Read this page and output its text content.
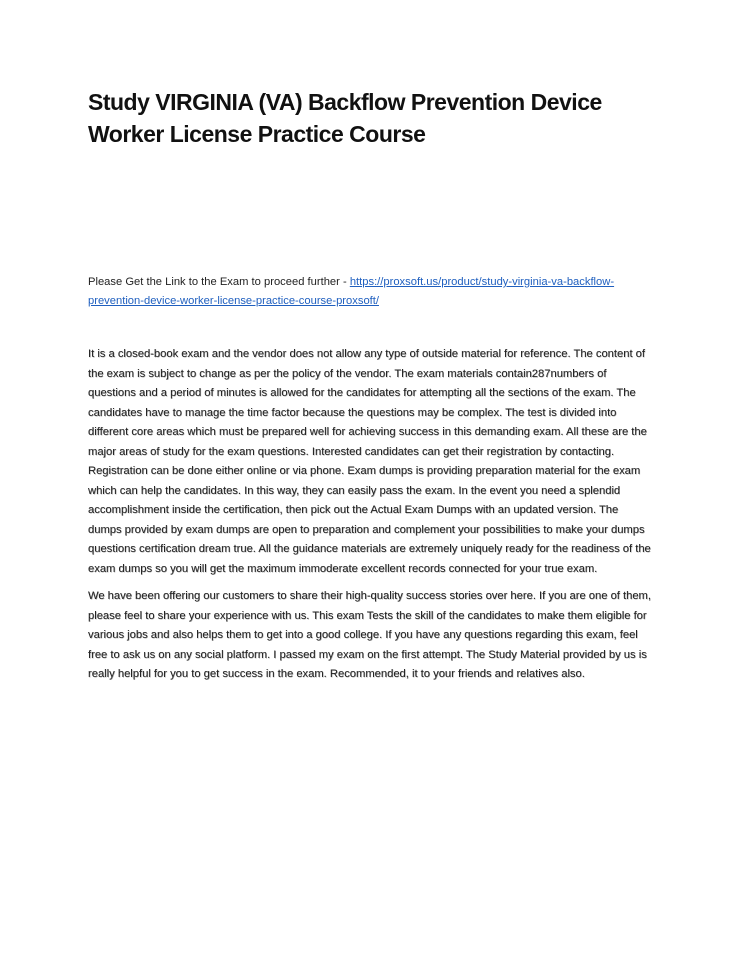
Study VIRGINIA (VA) Backflow Prevention Device Worker License Practice Course

Please Get the Link to the Exam to proceed further - https://proxsoft.us/product/study-virginia-va-backflow-prevention-device-worker-license-practice-course-proxsoft/

It is a closed-book exam and the vendor does not allow any type of outside material for reference. The content of the exam is subject to change as per the policy of the vendor. The exam materials contain287numbers of questions and a period of minutes is allowed for the candidates for attempting all the sections of the exam. The candidates have to manage the time factor because the questions may be complex. The test is divided into different core areas which must be prepared well for achieving success in this demanding exam. All these are the major areas of study for the exam questions. Interested candidates can get their registration by contacting. Registration can be done either online or via phone. Exam dumps is providing preparation material for the exam which can help the candidates. In this way, they can easily pass the exam. In the event you need a splendid accomplishment inside the certification, then pick out the Actual Exam Dumps with an updated version. The dumps provided by exam dumps are open to preparation and complement your possibilities to make your dumps questions certification dream true. All the guidance materials are extremely uniquely ready for the readiness of the exam dumps so you will get the maximum immoderate excellent records connected for your true exam.

We have been offering our customers to share their high-quality success stories over here. If you are one of them, please feel to share your experience with us. This exam Tests the skill of the candidates to make them eligible for various jobs and also helps them to get into a good college. If you have any questions regarding this exam, feel free to ask us on any social platform. I passed my exam on the first attempt. The Study Material provided by us is really helpful for you to get success in the exam. Recommended, it to your friends and relatives also.
